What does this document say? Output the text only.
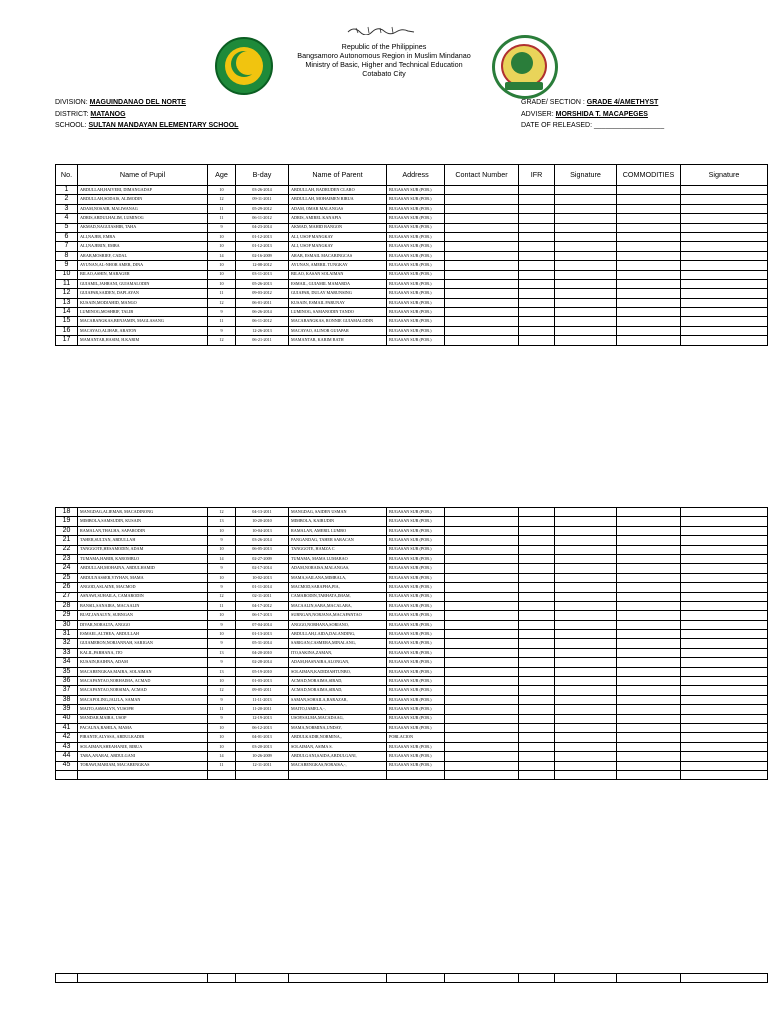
Republic of the Philippines
Bangsamoro Autonomous Region in Muslim Mindanao
Ministry of Basic, Higher and Technical Education
Cotabato City
DIVISION: MAGUINDANAO DEL NORTE
DISTRICT: MATANOG
SCHOOL: SULTAN MANDAYAN ELEMENTARY SCHOOL
GRADE/ SECTION : GRADE 4/AMETHYST
ADVISER: MORSHIDA T. MACAPEGES
DATE OF RELEASED: __________________
No.	Name of Pupil	Age	B-day	Name of Parent	Address	Contact Number	IFR	Signature	COMMODITIES	Signature
1	ABDULLAH,HAIVERI, DIMANGADAP	10	03-26-2014	ABDULLAH, BADRUDEN CLARO	BUGASAN SUR (POB.)					
2	ABDULLAH,SODAIS, ALIMODIN	12	09-11-2011	ABDULLAH, MOHAIMEN BIRUA	BUGASAN SUR (POB.)					
3	ADAM,NOSAIB, MALIWANAG	11	05-29-2012	ADAM, OMAR MALANGAS	BUGASAN SUR (POB.)					
4	ADRIS,ABDULHALIM, LUMINOG	11	06-11-2012	ADRIS, AMIREL KANAPIA	BUGASAN SUR (POB.)					
5	AKMAD,NAGUIASHIB, TAHA	9	04-23-2014	AKMAD, MAHID BANGON	BUGASAN SUR (POB.)					
6	ALI,NAJER, EMBA	10	01-12-2013	ALI, USOP MANGKAY	BUGASAN SUR (POB.)					
7	ALI,NAJERIN, EMBA	10	01-12-2013	ALI, USOP MANGKAY	BUGASAN SUR (POB.)					
8	ARAB,MOSRIEF, CADAL	14	02-16-2009	ARAB, ESMAIL MACABINGCAS	BUGASAN SUR (POB.)					
9	AYUNAN,AL-NHOR AMER, DINA	10	12-08-2012	AYUNAN, AMERIL TUNGKAY	BUGASAN SUR (POB.)					
10	BILAO,ASHIN, MABAGER	10	03-11-2013	BILAO, KASAN SOLAIMAN	BUGASAN SUR (POB.)					
11	GUIAMIL,JAHRANI, GUIAMALODIN	10	05-26-2013	ESMAIL, GUIAMIL MAMARDA	BUGASAN SUR (POB.)					
12	GUIAPAR,SAIDEN, DAPLAYAN	11	09-03-2012	GUIAPAR, DULAY MARUNSING	BUGASAN SUR (POB.)					
13	KUSAIN,MODJAHID, MANGO	12	06-01-2011	KUSAIN, ESMAIL PARUNAY	BUGASAN SUR (POB.)					
14	LUMINOG,MOSHRIF, TALIB	9	06-26-2014	LUMINOG, SAMANODIN TANDO	BUGASAN SUR (POB.)					
15	MACABANGKAS,BENJAMIN, MAGLASANG	11	06-11-2012	MACABANGKAS, RONNIE GUIAMALODIN	BUGASAN SUR (POB.)					
16	MACAYAO,ALIHAR, ABATON	9	12-26-2013	MACAYAO, ALINOR GUIAPAR	BUGASAN SUR (POB.)					
17	MAMANTAR,HASIM, H.KARIM	12	06-21-2011	MAMANTAR, KARIM BATH	BUGASAN SUR (POB.)					
18	MANGDAG,ALIEMAR, MACADINONG	12	04-13-2011	MANGDAG, SAIDEN USMAN	BUGASAN SUR (POB.)					
19	MIMBOLA,SAMSUDIN, KUSAIN	13	10-20-2010	MIMBOLA, KAIRUDIN	BUGASAN SUR (POB.)					
20	RAMALAN,THALHA, SAPARODIN	10	10-04-2013	RAMALAN, AMERIL LUMBO	BUGASAN SUR (POB.)					
21	TAHER,SULTAN, ABDULLAH	9	03-26-2014	PANGANDAG, TAHER SARACAN	BUGASAN SUR (POB.)					
22	TANGGOTE,HESAMODIN, ADAM	10	06-05-2013	TANGGOTE, HAMZA C	BUGASAN SUR (POB.)					
23	TUMAMA,HABIB, KAROMBLO	14	02-27-2009	TUMAMA, MAMA LUMABAO	BUGASAN SUR (POB.)					
24	ABDULLAH,MOHAINA, ABDULHAMID	9	02-17-2014	ADAM,NORAISA,MALANGAS,	BUGASAN SUR (POB.)					
25	ABDULNASSER,VIYHAN, MAMA	10	10-02-2013	MAMA,SAILANA,MIMBALA,	BUGASAN SUR (POB.)					
26	ANGOD,ASLAINE, MACMOD	9	01-11-2014	MACMOD,SARAPHA,PIA,	BUGASAN SUR (POB.)					
27	ASNAWI,SUHAILA, CAMARODIN	12	02-11-2011	CAMARODIN,TARHATA,IMAM,	BUGASAN SUR (POB.)					
28	BANSIL,SANAIRA, MACAALIN	11	04-17-2012	MACAALIN,SABA,MACALABA,	BUGASAN SUR (POB.)					
29	BUAT,JANALYN, SUBNGAN	10	06-17-2013	SUBNGAN,NORJANA,MACAPANTAO	BUGASAN SUR (POB.)					
30	DIVAR,NORALTA, ANGGO	9	07-04-2014	ANGGO,NORHANA,SORIANO,	BUGASAN SUR (POB.)					
31	ESMAEL,ALTHEA, ABDULLAH	10	01-13-2013	ABDULLAH,LAIDA,DALANDING,	BUGASAN SUR (POB.)					
32	GUIAMERON,NORJANNAH, SARIGAN	9	05-31-2014	SARIGAN,CASMERA,MINALANG,	BUGASAN SUR (POB.)					
33	KALIL,PARHANA, ITO	13	04-20-2010	ITO,SAKINA,ZAMAN,	BUGASAN SUR (POB.)					
34	KUSAIN,RAIHNA, ADAM	9	02-28-2014	ADAM,HASNAIRA,ALONGAN,	BUGASAN SUR (POB.)					
35	MACABENGKAS,MAIRA, SOLAIMAN	13	05-19-2010	SOLAIMAN,KADIDJAHTUNBO,	BUGASAN SUR (POB.)					
36	MACAPANTAO,NORHAIMA, ACMAD	10	01-03-2013	ACMAD,NORAIMA,SIBAD,	BUGASAN SUR (POB.)					
37	MACAPANTAO,NORSIMA, ACMAD	12	09-05-2011	ACMAD,NORAIMA,SIBAD,	BUGASAN SUR (POB.)					
38	MACAPOLING,JALILA, SAMAN	9	11-11-2013	SAMAN,SOHAILA,BARAZAR,	BUGASAN SUR (POB.)					
39	MAITO,ASMALYN, YUSOPH	11	11-20-2011	MAITO,JAMELA,-,	BUGASAN SUR (POB.)					
40	MANDAR,MAIRA, USOP	9	12-19-2013	USOP,SALMA,MACADAAG,	BUGASAN SUR (POB.)					
41	PACALNA,RAHILA, MAMA	10	06-12-2013	MAMA,NORMINA,UNDAY,	BUGASAN SUR (POB.)					
42	PIRANTE,ALYSSA, ABDULKADIR	10	04-01-2013	ABDULKADIR,NORMINA,,	POBLACION					
43	SOLAIMAN,SHEAHANIE, BIRUA	10	03-20-2013	SOLAIMAN, ASIMA S.	BUGASAN SUR (POB.)					
44	TARA,ANARAI, ABDULGANI	14	10-26-2009	ABDULGANI,SAIDA,ABDULGANI,	BUGASAN SUR (POB.)					
45	TORAWI,MARIAM, MACABENGKAS	11	12-11-2011	MACABENGKAS,NORAISA,-,	BUGASAN SUR (POB.)					
